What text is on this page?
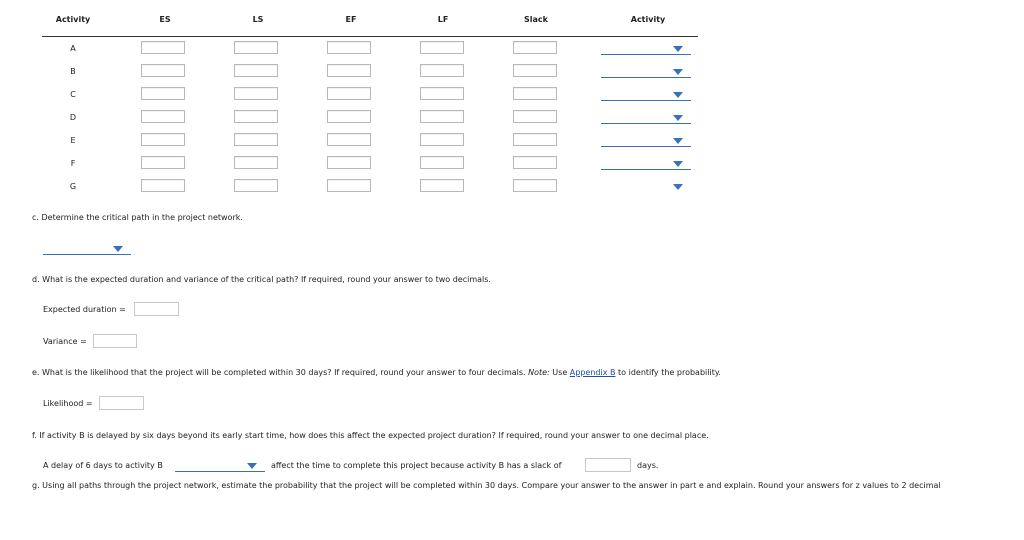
Activity	ES	LS	EF	LF	Slack	Activity
A
B
C
D
E
F
G
c. Determine the critical path in the project network.
d. What is the expected duration and variance of the critical path? If required, round your answer to two decimals.
Expected duration =
Variance =
e. What is the likelihood that the project will be completed within 30 days? If required, round your answer to four decimals. Note: Use Appendix B to identify the probability.
Likelihood =
f. If activity B is delayed by six days beyond its early start time, how does this affect the expected project duration? If required, round your answer to one decimal place.
A delay of 6 days to activity B	affect the time to complete this project because activity B has a slack of	days.
g. Using all paths through the project network, estimate the probability that the project will be completed within 30 days. Compare your answer to the answer in part e and explain. Round your answers for z values to 2 decimal
